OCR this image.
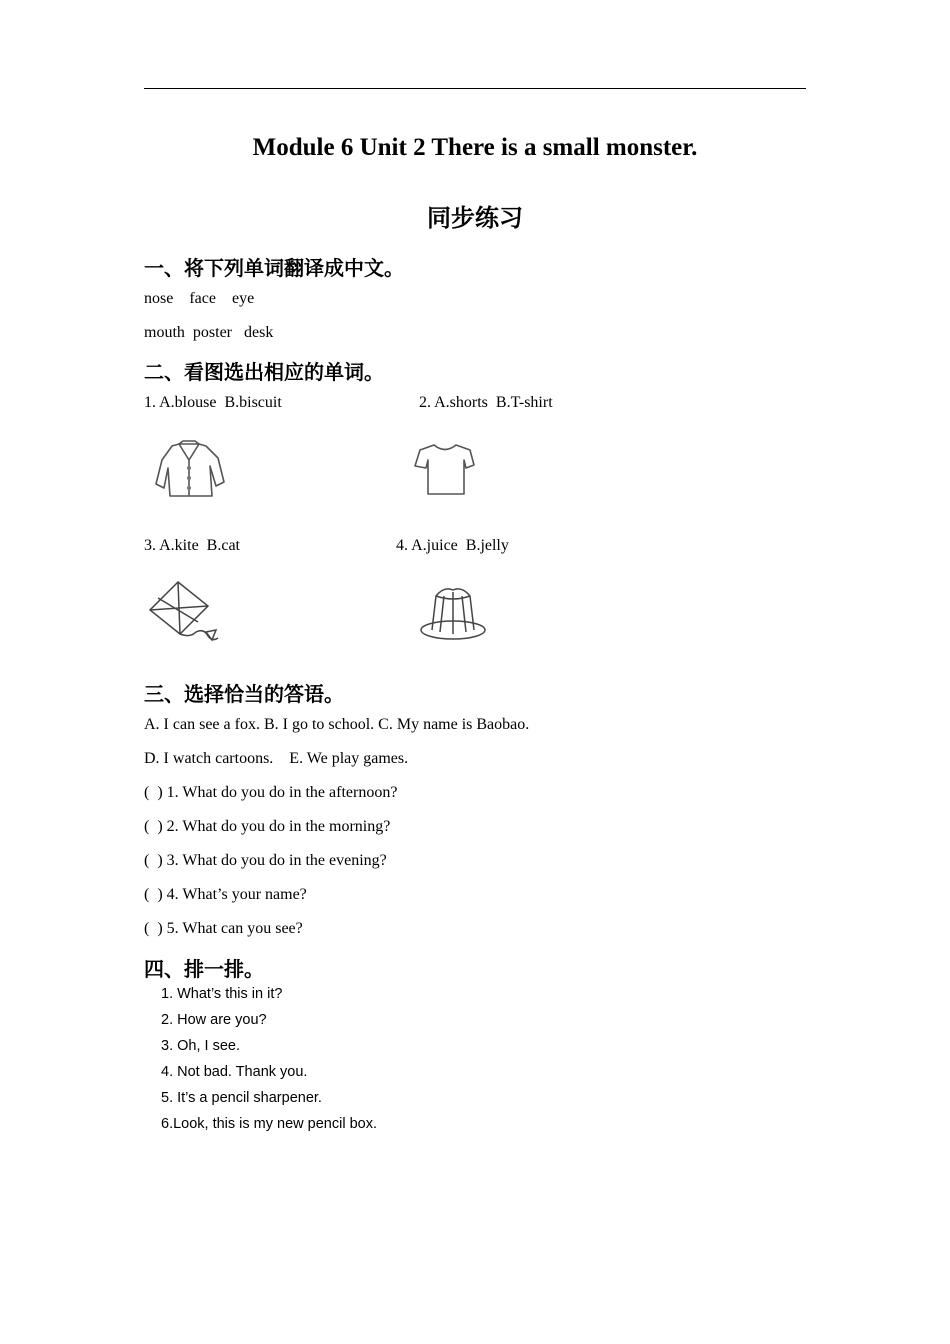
Module 6 Unit 2 There is a small monster.
同步练习
一、将下列单词翻译成中文。
nose    face    eye
mouth  poster   desk
二、看图选出相应的单词。
1. A.blouse  B.biscuit	2. A.shorts  B.T-shirt
3. A.kite  B.cat	4. A.juice  B.jelly
三、选择恰当的答语。
A. I can see a fox. B. I go to school. C. My name is Baobao.
D. I watch cartoons.    E. We play games.
(  ) 1. What do you do in the afternoon?
(  ) 2. What do you do in the morning?
(  ) 3. What do you do in the evening?
(  ) 4. What’s your name?
(  ) 5. What can you see?
四、排一排。
1. What’s this in it?
2. How are you?
3. Oh, I see.
4. Not bad. Thank you.
5. It’s a pencil sharpener.
6.Look, this is my new pencil box.
